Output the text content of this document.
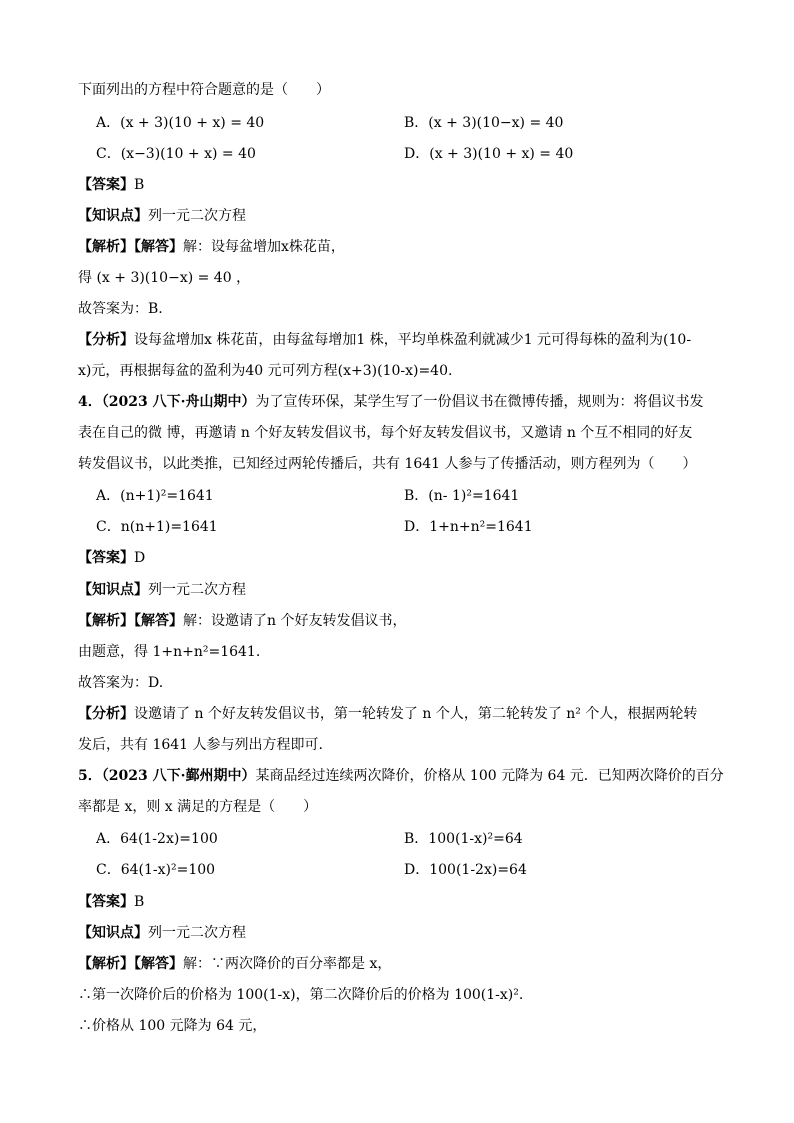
下面列出的方程中符合题意的是（　　）
A．(x + 3)(10 + x) = 40	B．(x + 3)(10−x) = 40
C．(x−3)(10 + x) = 40	D．(x + 3)(10 + x) = 40
【答案】B
【知识点】列一元二次方程
【解析】【解答】解：设每盆增加x株花苗，
得 (x + 3)(10−x) = 40 ，
故答案为：B.
【分析】设每盆增加x 株花苗，由每盆每增加1 株，平均单株盈利就减少1 元可得每株的盈利为(10-
x)元，再根据每盆的盈利为40 元可列方程(x+3)(10-x)=40.
4．（2023 八下·舟山期中）为了宣传环保，某学生写了一份倡议书在微博传播，规则为：将倡议书发
表在自己的微 博，再邀请 n 个好友转发倡议书，每个好友转发倡议书，又邀请 n 个互不相同的好友
转发倡议书，以此类推，已知经过两轮传播后，共有 1641 人参与了传播活动，则方程列为（　　）
A．(n+1)²=1641	B．(n- 1)²=1641
C．n(n+1)=1641	D．1+n+n²=1641
【答案】D
【知识点】列一元二次方程
【解析】【解答】解：设邀请了n 个好友转发倡议书，
由题意，得 1+n+n²=1641.
故答案为：D.
【分析】设邀请了 n 个好友转发倡议书，第一轮转发了 n 个人，第二轮转发了 n² 个人，根据两轮转
发后，共有 1641 人参与列出方程即可.
5．（2023 八下·鄞州期中）某商品经过连续两次降价，价格从 100 元降为 64 元．已知两次降价的百分
率都是 x，则 x 满足的方程是（　　）
A．64(1-2x)=100	B．100(1-x)²=64
C．64(1-x)²=100	D．100(1-2x)=64
【答案】B
【知识点】列一元二次方程
【解析】【解答】解：∵两次降价的百分率都是 x，
∴第一次降价后的价格为 100(1-x)，第二次降价后的价格为 100(1-x)².
∴价格从 100 元降为 64 元，
